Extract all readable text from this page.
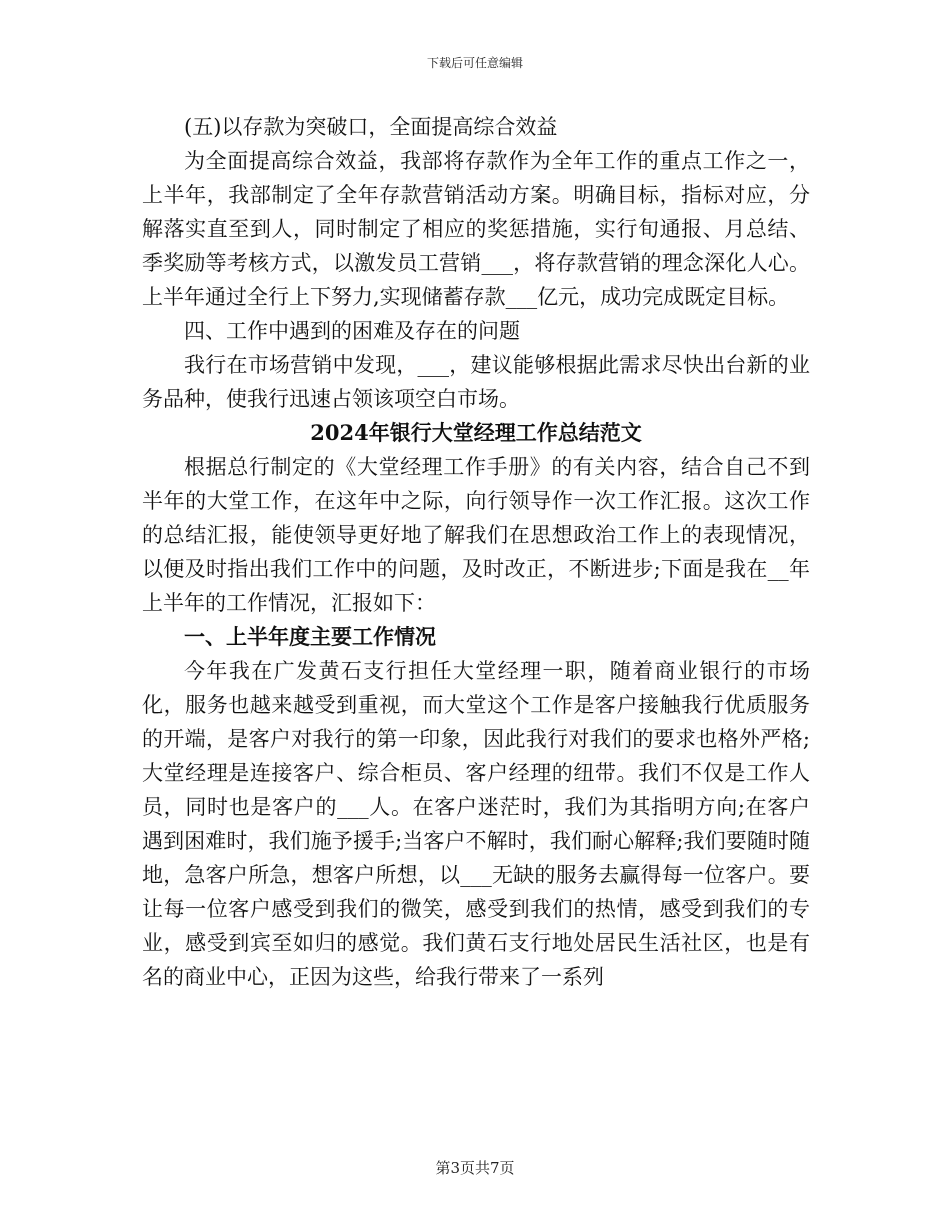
下载后可任意编辑

(五)以存款为突破口，全面提高综合效益

为全面提高综合效益，我部将存款作为全年工作的重点工作之一，上半年，我部制定了全年存款营销活动方案。明确目标，指标对应，分解落实直至到人，同时制定了相应的奖惩措施，实行旬通报、月总结、季奖励等考核方式，以激发员工营销___，将存款营销的理念深化人心。上半年通过全行上下努力,实现储蓄存款___亿元，成功完成既定目标。

四、工作中遇到的困难及存在的问题

我行在市场营销中发现，___，建议能够根据此需求尽快出台新的业务品种，使我行迅速占领该项空白市场。

2024年银行大堂经理工作总结范文

根据总行制定的《大堂经理工作手册》的有关内容，结合自己不到半年的大堂工作，在这年中之际，向行领导作一次工作汇报。这次工作的总结汇报，能使领导更好地了解我们在思想政治工作上的表现情况，以便及时指出我们工作中的问题，及时改正，不断进步;下面是我在__年上半年的工作情况，汇报如下：

一、上半年度主要工作情况

今年我在广发黄石支行担任大堂经理一职，随着商业银行的市场化，服务也越来越受到重视，而大堂这个工作是客户接触我行优质服务的开端，是客户对我行的第一印象，因此我行对我们的要求也格外严格;大堂经理是连接客户、综合柜员、客户经理的纽带。我们不仅是工作人员，同时也是客户的___人。在客户迷茫时，我们为其指明方向;在客户遇到困难时，我们施予援手;当客户不解时，我们耐心解释;我们要随时随地，急客户所急，想客户所想，以___无缺的服务去赢得每一位客户。要让每一位客户感受到我们的微笑，感受到我们的热情，感受到我们的专业，感受到宾至如归的感觉。我们黄石支行地处居民生活社区，也是有名的商业中心，正因为这些，给我行带来了一系列

第3页共7页
